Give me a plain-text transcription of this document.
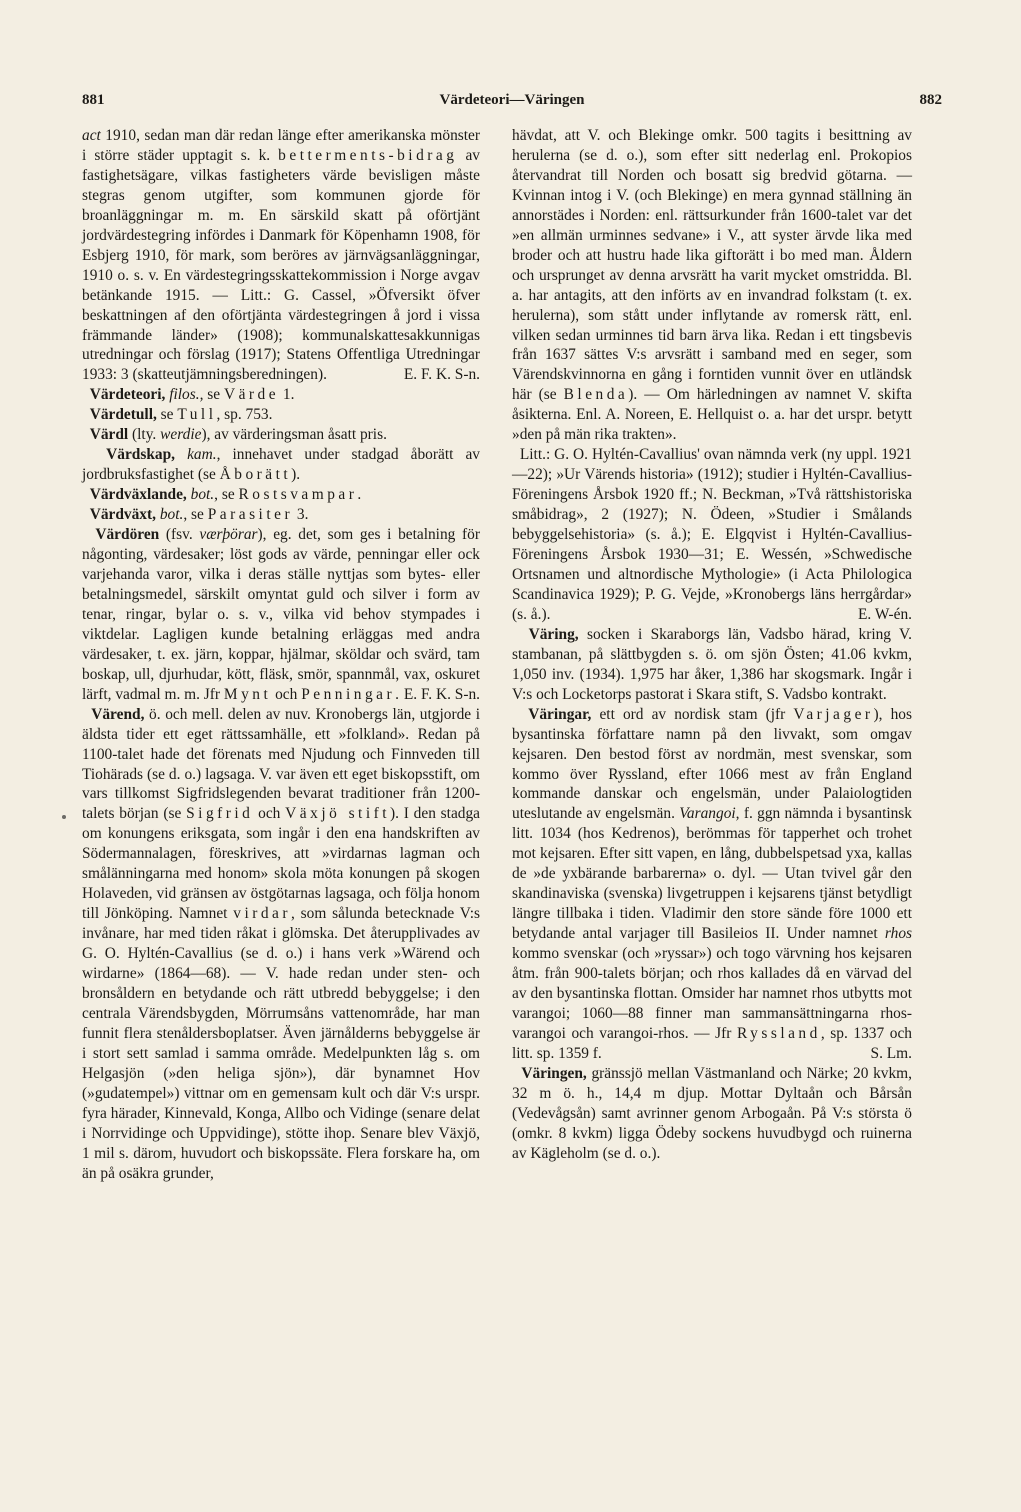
881	Värdeteori—Väringen	882

act 1910, sedan man där redan länge efter amerikanska mönster i större städer upptagit s. k. betterments-bidrag av fastighetsägare, vilkas fastigheters värde bevisligen måste stegras genom utgifter, som kommunen gjorde för broanläggningar m. m. En särskild skatt på oförtjänt jordvärdestegring infördes i Danmark för Köpenhamn 1908, för Esbjerg 1910, för mark, som beröres av järnvägsanläggningar, 1910 o. s. v. En värdestegringsskattekommission i Norge avgav betänkande 1915. — Litt.: G. Cassel, »Öfversikt öfver beskattningen af den oförtjänta värdestegringen å jord i vissa främmande länder» (1908); kommunalskattesakkunnigas utredningar och förslag (1917); Statens Offentliga Utredningar 1933: 3 (skatteutjämningsberedningen).	E. F. K. S-n.

Värdeteori, filos., se Värde 1.

Värdetull, se Tull, sp. 753.

Värdl (lty. werdie), av värderingsman åsatt pris.

Värdskap, kam., innehavet under stadgad åborätt av jordbruksfastighet (se Åborätt).

Värdväxlande, bot., se Rostsvampar.

Värdväxt, bot., se Parasiter 3.

Värdören (fsv. værþörar), eg. det, som ges i betalning för någonting, värdesaker; löst gods av värde, penningar eller ock varjehanda varor, vilka i deras ställe nyttjas som bytes- eller betalningsmedel, särskilt omyntat guld och silver i form av tenar, ringar, bylar o. s. v., vilka vid behov stympades i viktdelar. Lagligen kunde betalning erläggas med andra värdesaker, t. ex. järn, koppar, hjälmar, sköldar och svärd, tam boskap, ull, djurhudar, kött, fläsk, smör, spannmål, vax, oskuret lärft, vadmal m. m. Jfr Mynt och Penningar. E. F. K. S-n.

Värend, ö. och mell. delen av nuv. Kronobergs län, utgjorde i äldsta tider ett eget rättssamhälle, ett »folkland». Redan på 1100-talet hade det förenats med Njudung och Finnveden till Tiohärads (se d. o.) lagsaga. V. var även ett eget biskopsstift, om vars tillkomst Sigfridslegenden bevarat traditioner från 1200-talets början (se Sigfrid och Växjö stift). I den stadga om konungens eriksgata, som ingår i den ena handskriften av Södermannalagen, föreskrives, att »virdarnas lagman och smålänningarna med honom» skola möta konungen på skogen Holaveden, vid gränsen av östgötarnas lagsaga, och följa honom till Jönköping. Namnet virdar, som sålunda betecknade V:s invånare, har med tiden råkat i glömska. Det återupplivades av G. O. Hyltén-Cavallius (se d. o.) i hans verk »Wärend och wirdarne» (1864—68). — V. hade redan under sten- och bronsåldern en betydande och rätt utbredd bebyggelse; i den centrala Värendsbygden, Mörrumsåns vattenområde, har man funnit flera stenåldersboplatser. Även järnålderns bebyggelse är i stort sett samlad i samma område. Medelpunkten låg s. om Helgasjön (»den heliga sjön»), där bynamnet Hov (»gudatempel») vittnar om en gemensam kult och där V:s urspr. fyra härader, Kinnevald, Konga, Allbo och Vidinge (senare delat i Norrvidinge och Uppvidinge), stötte ihop. Senare blev Växjö, 1 mil s. därom, huvudort och biskopssäte. Flera forskare ha, om än på osäkra grunder,

hävdat, att V. och Blekinge omkr. 500 tagits i besittning av herulerna (se d. o.), som efter sitt nederlag enl. Prokopios återvandrat till Norden och bosatt sig bredvid götarna. — Kvinnan intog i V. (och Blekinge) en mera gynnad ställning än annorstädes i Norden: enl. rättsurkunder från 1600-talet var det »en allmän urminnes sedvane» i V., att syster ärvde lika med broder och att hustru hade lika giftorätt i bo med man. Åldern och ursprunget av denna arvsrätt ha varit mycket omstridda. Bl. a. har antagits, att den införts av en invandrad folkstam (t. ex. herulerna), som stått under inflytande av romersk rätt, enl. vilken sedan urminnes tid barn ärva lika. Redan i ett tingsbevis från 1637 sättes V:s arvsrätt i samband med en seger, som Värendskvinnorna en gång i forntiden vunnit över en utländsk här (se Blenda). — Om härledningen av namnet V. skifta åsikterna. Enl. A. Noreen, E. Hellquist o. a. har det urspr. betytt »den på män rika trakten».

Litt.: G. O. Hyltén-Cavallius' ovan nämnda verk (ny uppl. 1921—22); »Ur Värends historia» (1912); studier i Hyltén-Cavallius-Föreningens Årsbok 1920 ff.; N. Beckman, »Två rättshistoriska småbidrag», 2 (1927); N. Ödeen, »Studier i Smålands bebyggelsehistoria» (s. å.); E. Elgqvist i Hyltén-Cavallius-Föreningens Årsbok 1930—31; E. Wessén, »Schwedische Ortsnamen und altnordische Mythologie» (i Acta Philologica Scandinavica 1929); P. G. Vejde, »Kronobergs läns herrgårdar» (s. å.).	E. W-én.

Väring, socken i Skaraborgs län, Vadsbo härad, kring V. stambanan, på slättbygden s. ö. om sjön Östen; 41.06 kvkm, 1,050 inv. (1934). 1,975 har åker, 1,386 har skogsmark. Ingår i V:s och Locketorps pastorat i Skara stift, S. Vadsbo kontrakt.

Väringar, ett ord av nordisk stam (jfr Varjager), hos bysantinska författare namn på den livvakt, som omgav kejsaren. Den bestod först av nordmän, mest svenskar, som kommo över Ryssland, efter 1066 mest av från England kommande danskar och engelsmän, under Palaiologtiden uteslutande av engelsmän. Varangoi, f. ggn nämnda i bysantinsk litt. 1034 (hos Kedrenos), berömmas för tapperhet och trohet mot kejsaren. Efter sitt vapen, en lång, dubbelspetsad yxa, kallas de »de yxbärande barbarerna» o. dyl. — Utan tvivel går den skandinaviska (svenska) livgetruppen i kejsarens tjänst betydligt längre tillbaka i tiden. Vladimir den store sände före 1000 ett betydande antal varjager till Basileios II. Under namnet rhos kommo svenskar (och »ryssar») och togo värvning hos kejsaren åtm. från 900-talets början; och rhos kallades då en värvad del av den bysantinska flottan. Omsider har namnet rhos utbytts mot varangoi; 1060—88 finner man sammansättningarna rhos-varangoi och varangoi-rhos. — Jfr Ryssland, sp. 1337 och litt. sp. 1359 f.	S. Lm.

Väringen, gränssjö mellan Västmanland och Närke; 20 kvkm, 32 m ö. h., 14,4 m djup. Mottar Dyltaån och Bårsån (Vedevågsån) samt avrinner genom Arbogaån. På V:s största ö (omkr. 8 kvkm) ligga Ödeby sockens huvudbygd och ruinerna av Kägleholm (se d. o.).
